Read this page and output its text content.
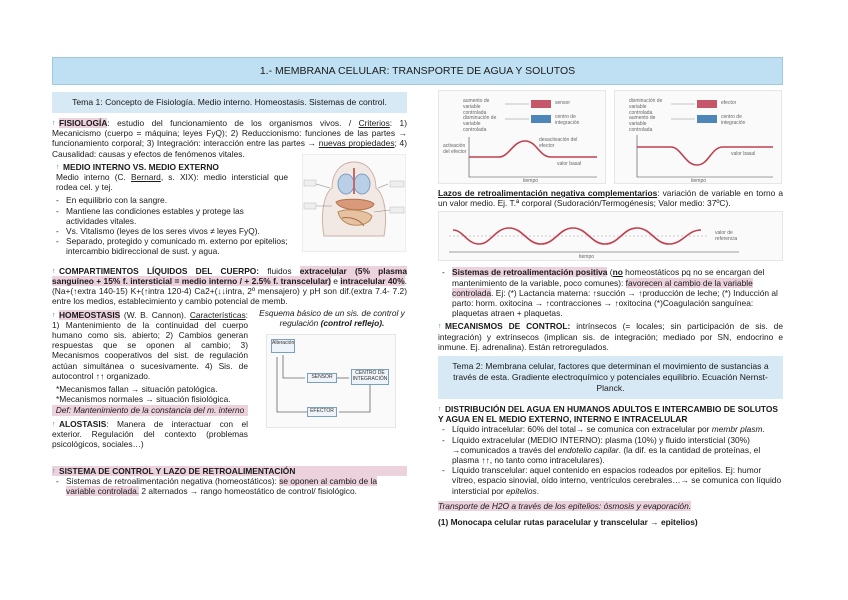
1.- MEMBRANA CELULAR: TRANSPORTE DE AGUA Y SOLUTOS
Tema 1: Concepto de Fisiología. Medio interno. Homeostasis. Sistemas de control.

↑ FISIOLOGÍA: estudio del funcionamiento de los organismos vivos. / Criterios: 1) Mecanicismo (cuerpo = máquina; leyes FyQ); 2) Reduccionismo: funciones de las partes → funcionamiento corporal; 3) Integración: interacción entre las partes → nuevas propiedades; 4) Causalidad: causas y efectos de fenómenos vitales.

↑ MEDIO INTERNO VS. MEDIO EXTERNO

Medio interno (C. Bernard, s. XIX): medio intersticial que rodea cel. y tej.

- En equilibrio con la sangre.
- Mantiene las condiciones estables y protege las actividades vitales.
- Vs. Vitalismo (leyes de los seres vivos ≠ leyes FyQ).
- Separado, protegido y comunicado m. externo por epitelios; intercambio bidireccional de sust. y agua.

↑ COMPARTIMENTOS LÍQUIDOS DEL CUERPO: fluidos extracelular (5% plasma sanguíneo + 15% f. intersticial = medio interno / + 2.5% f. transcelular) e intracelular 40%. (Na+(↑extra 140-15) K+(↑intra 120-4) Ca2+(↓↓intra, 2º mensajero) y pH son dif.(extra 7.4- 7.2) entre los medios, establecimiento y cambio potencial de memb.

↑ HOMEOSTASIS (W. B. Cannon). Características: 1) Mantenimiento de la continuidad del cuerpo humano como sis. abierto; 2) Cambios generan respuestas que se oponen al cambio; 3) Mecanismos cooperativos del sist. de regulación actúan simultánea o sucesivamente. 4) Sis. de autocontrol ↑↑ organizado.

*Mecanismos fallan → situación patológica.
*Mecanismos normales → situación fisiológica.
Def: Mantenimiento de la constancia del m. interno

↑ ALOSTASIS: Manera de interactuar con el exterior. Regulación del contexto (problemas psicológicos, sociales…)

Esquema básico de un sis. de control y regulación (control reflejo).
Alteración
SENSOR
CENTRO DE INTEGRACIÓN
EFECTOR
↑ SISTEMA DE CONTROL Y LAZO DE RETROALIMENTACIÓN
- Sistemas de retroalimentación negativa (homeostáticos): se oponen al cambio de la variable controlada. 2 alternados → rango homeostático de control/ fisiológico.
aumento de variable controlada
disminución de variable controlada
sensor
centro de integración
activación del efector
desactivación del efector
valor basal
tiempo
disminución de variable controlada
aumento de variable controlada
efector
centro de integración
valor basal
tiempo

Lazos de retroalimentación negativa complementarios: variación de variable en torno a un valor medio. Ej. T.ª corporal (Sudoración/Termogénesis; Valor medio: 37ºC).

valor de referencia
tiempo
- Sistemas de retroalimentación positiva (no homeostáticos pq no se encargan del mantenimiento de la variable, poco comunes): favorecen al cambio de la variable controlada. Ej: (*) Lactancia materna: ↑succión → ↑producción de leche; (*) Inducción al parto: horm. oxitocina → ↑contracciones → ↑oxitocina (*)Coagulación sanguínea: plaquetas atraen + plaquetas.

↑ MECANISMOS DE CONTROL: intrínsecos (= locales; sin participación de sis. de integración) y extrínsecos (implican sis. de integración; mediado por SN, endocrino e inmune. Ej. adrenalina). Están retroregulados.

Tema 2: Membrana celular, factores que determinan el movimiento de sustancias a través de esta. Gradiente electroquímico y potenciales equilibrio. Ecuación Nernst-Planck.
↑ DISTRIBUCIÓN DEL AGUA EN HUMANOS ADULTOS E INTERCAMBIO DE SOLUTOS Y AGUA EN EL MEDIO EXTERNO, INTERNO E INTRACELULAR
- Líquido intracelular: 60% del total→ se comunica con extracelular por membr plasm.
- Líquido extracelular (MEDIO INTERNO): plasma (10%) y fluido intersticial (30%) →comunicados a través del endotelio capilar. (la dif. es la cantidad de proteínas, el plasma ↑↑, no tanto como intracelulares).
- Líquido transcelular: aquel contenido en espacios rodeados por epitelios. Ej: humor vítreo, espacio sinovial, oído interno, ventrículos cerebrales…→ se comunica con líquido intersticial por epitelios.
Transporte de H2O a través de los epitelios: ósmosis y evaporación.
(1) Monocapa celular rutas paracelular y transcelular → epitelios)
